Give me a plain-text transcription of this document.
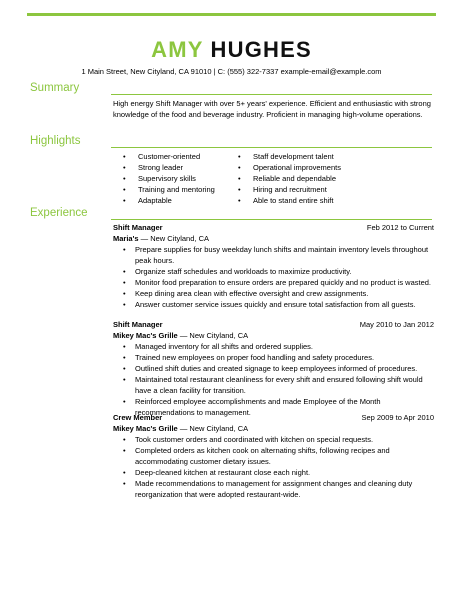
AMY HUGHES
1 Main Street, New Cityland, CA 91010 | C: (555) 322-7337 example-email@example.com
Summary
High energy Shift Manager with over 5+ years' experience. Efficient and enthusiastic with strong knowledge of the food and beverage industry. Proficient in managing high-volume operations.
Highlights
• Customer-oriented
• Strong leader
• Supervisory skills
• Training and mentoring
• Adaptable
• Staff development talent
• Operational improvements
• Reliable and dependable
• Hiring and recruitment
• Able to stand entire shift
Experience
Shift Manager	Feb 2012 to Current
Maria's — New Cityland, CA
• Prepare supplies for busy weekday lunch shifts and maintain inventory levels throughout peak hours.
• Organize staff schedules and workloads to maximize productivity.
• Monitor food preparation to ensure orders are prepared quickly and no product is wasted.
• Keep dining area clean with effective oversight and crew assignments.
• Answer customer service issues quickly and ensure total satisfaction from all guests.
Shift Manager	May 2010 to Jan 2012
Mikey Mac's Grille — New Cityland, CA
• Managed inventory for all shifts and ordered supplies.
• Trained new employees on proper food handling and safety procedures.
• Outlined shift duties and created signage to keep employees informed of procedures.
• Maintained total restaurant cleanliness for every shift and ensured following shift would have a clean facility for transition.
• Reinforced employee accomplishments and made Employee of the Month recommendations to management.
Crew Member	Sep 2009 to Apr 2010
Mikey Mac's Grille — New Cityland, CA
• Took customer orders and coordinated with kitchen on special requests.
• Completed orders as kitchen cook on alternating shifts, following recipes and accommodating customer dietary issues.
• Deep-cleaned kitchen at restaurant close each night.
• Made recommendations to management for assignment changes and cleaning duty reorganization that were adopted restaurant-wide.
